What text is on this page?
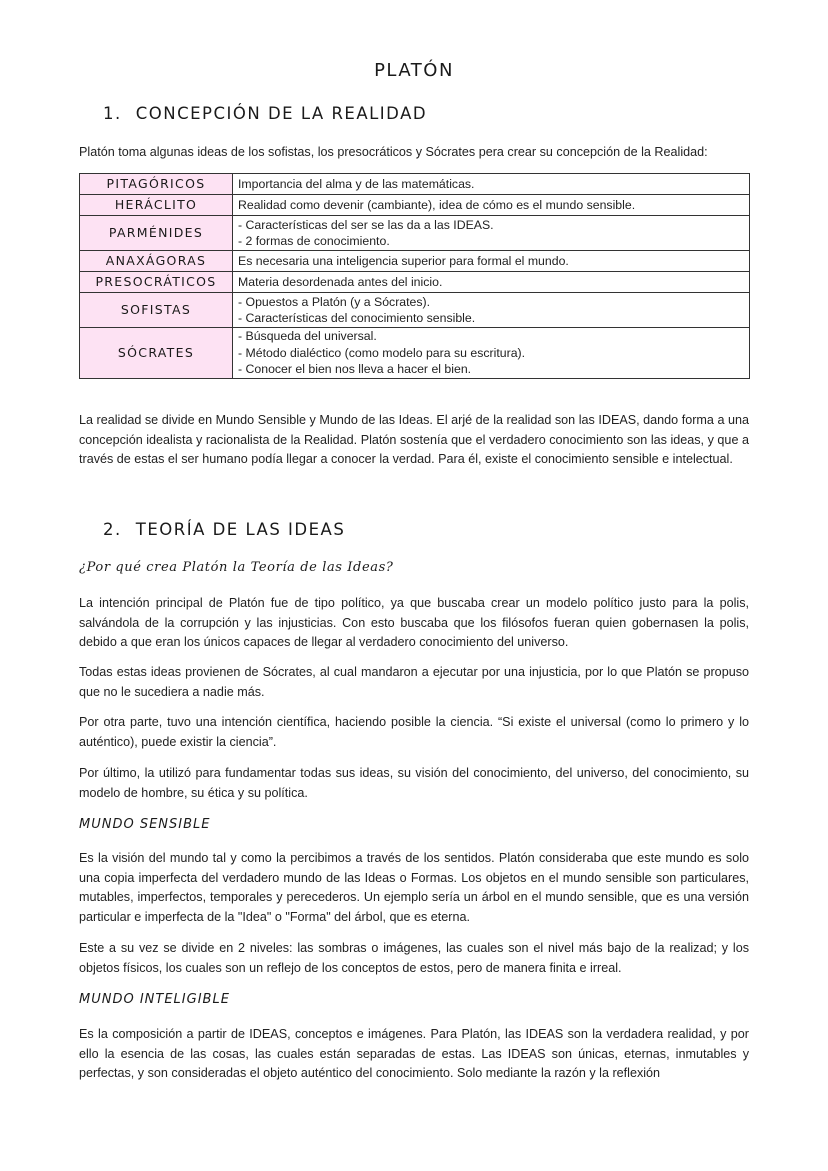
PLATÓN
1. CONCEPCIÓN DE LA REALIDAD
Platón toma algunas ideas de los sofistas, los presocráticos y Sócrates pera crear su concepción de la Realidad:
PITAGÓRICOS	Importancia del alma y de las matemáticas.

HERÁCLITO	Realidad como devenir (cambiante), idea de cómo es el mundo sensible.

PARMÉNIDES	- Características del ser se las da a las IDEAS.
- 2 formas de conocimiento.

ANAXÁGORAS	Es necesaria una inteligencia superior para formal el mundo.

PRESOCRÁTICOS	Materia desordenada antes del inicio.

SOFISTAS	- Opuestos a Platón (y a Sócrates).
- Características del conocimiento sensible.

SÓCRATES	- Búsqueda del universal.
- Método dialéctico (como modelo para su escritura).
- Conocer el bien nos lleva a hacer el bien.
La realidad se divide en Mundo Sensible y Mundo de las Ideas. El arjé de la realidad son las IDEAS, dando forma a una concepción idealista y racionalista de la Realidad. Platón sostenía que el verdadero conocimiento son las ideas, y que a través de estas el ser humano podía llegar a conocer la verdad. Para él, existe el conocimiento sensible e intelectual.
2. TEORÍA DE LAS IDEAS
¿Por qué crea Platón la Teoría de las Ideas?
La intención principal de Platón fue de tipo político, ya que buscaba crear un modelo político justo para la polis, salvándola de la corrupción y las injusticias. Con esto buscaba que los filósofos fueran quien gobernasen la polis, debido a que eran los únicos capaces de llegar al verdadero conocimiento del universo.
Todas estas ideas provienen de Sócrates, al cual mandaron a ejecutar por una injusticia, por lo que Platón se propuso que no le sucediera a nadie más.
Por otra parte, tuvo una intención científica, haciendo posible la ciencia. “Si existe el universal (como lo primero y lo auténtico), puede existir la ciencia”.
Por último, la utilizó para fundamentar todas sus ideas, su visión del conocimiento, del universo, del conocimiento, su modelo de hombre, su ética y su política.
MUNDO SENSIBLE
Es la visión del mundo tal y como la percibimos a través de los sentidos. Platón consideraba que este mundo es solo una copia imperfecta del verdadero mundo de las Ideas o Formas. Los objetos en el mundo sensible son particulares, mutables, imperfectos, temporales y perecederos. Un ejemplo sería un árbol en el mundo sensible, que es una versión particular e imperfecta de la "Idea" o "Forma" del árbol, que es eterna.
Este a su vez se divide en 2 niveles: las sombras o imágenes, las cuales son el nivel más bajo de la realizad; y los objetos físicos, los cuales son un reflejo de los conceptos de estos, pero de manera finita e irreal.
MUNDO INTELIGIBLE
Es la composición a partir de IDEAS, conceptos e imágenes. Para Platón, las IDEAS son la verdadera realidad, y por ello la esencia de las cosas, las cuales están separadas de estas. Las IDEAS son únicas, eternas, inmutables y perfectas, y son consideradas el objeto auténtico del conocimiento. Solo mediante la razón y la reflexión
